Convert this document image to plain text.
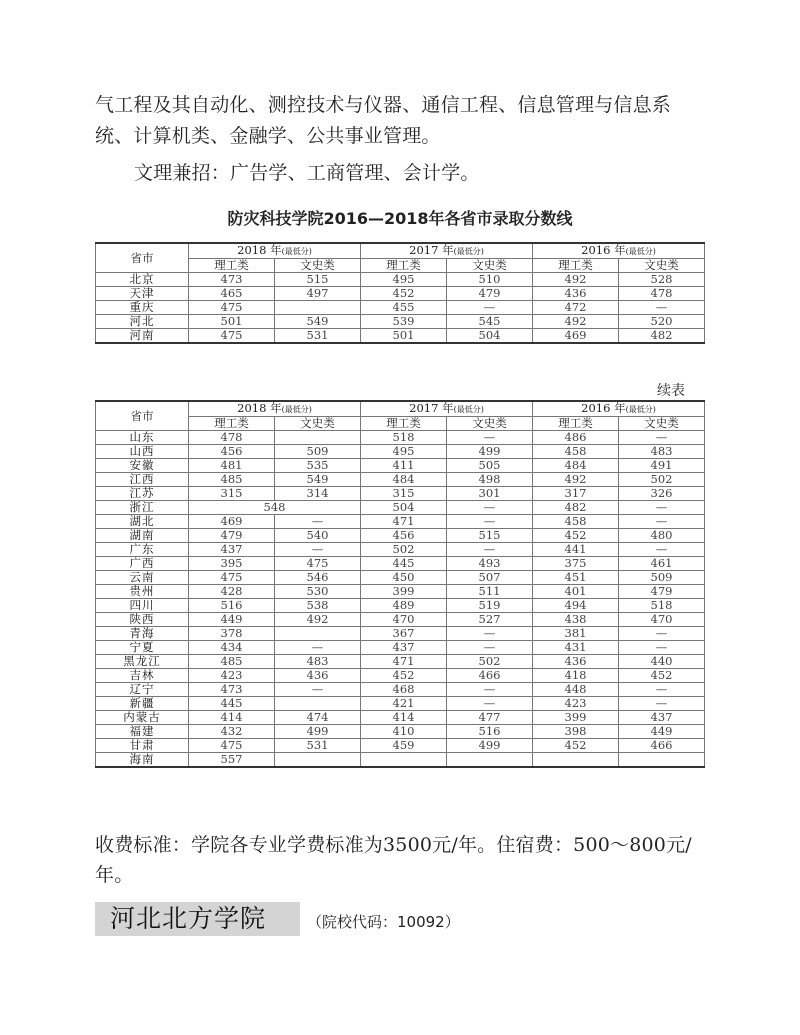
气工程及其自动化、测控技术与仪器、通信工程、信息管理与信息系统、计算机类、金融学、公共事业管理。
文理兼招：广告学、工商管理、会计学。
防灾科技学院2016—2018年各省市录取分数线
省市	2018 年(最低分)		2017 年(最低分)		2016 年(最低分)	
	理工类	文史类	理工类	文史类	理工类	文史类
北京	473	515	495	510	492	528
天津	465	497	452	479	436	478
重庆	475		455	—	472	—
河北	501	549	539	545	492	520
河南	475	531	501	504	469	482
续表
省市	2018 年(最低分)		2017 年(最低分)		2016 年(最低分)	
	理工类	文史类	理工类	文史类	理工类	文史类
山东	478		518	—	486	—
山西	456	509	495	499	458	483
安徽	481	535	411	505	484	491
江西	485	549	484	498	492	502
江苏	315	314	315	301	317	326
浙江	548		504	—	482	—
湖北	469	—	471	—	458	—
湖南	479	540	456	515	452	480
广东	437	—	502	—	441	—
广西	395	475	445	493	375	461
云南	475	546	450	507	451	509
贵州	428	530	399	511	401	479
四川	516	538	489	519	494	518
陕西	449	492	470	527	438	470
青海	378		367	—	381	—
宁夏	434	—	437	—	431	—
黑龙江	485	483	471	502	436	440
吉林	423	436	452	466	418	452
辽宁	473	—	468	—	448	—
新疆	445		421	—	423	—
内蒙古	414	474	414	477	399	437
福建	432	499	410	516	398	449
甘肃	475	531	459	499	452	466
海南	557					
收费标准：学院各专业学费标准为3500元/年。住宿费：500～800元/年。
河北北方学院	（院校代码：10092）
